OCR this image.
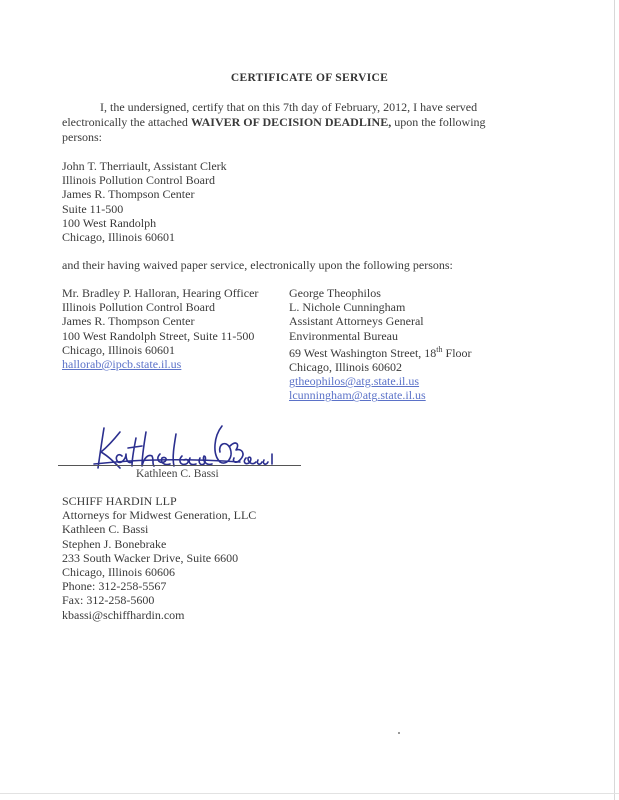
CERTIFICATE OF SERVICE
I, the undersigned, certify that on this 7th day of February, 2012, I have served electronically the attached WAIVER OF DECISION DEADLINE, upon the following persons:
John T. Therriault, Assistant Clerk
Illinois Pollution Control Board
James R. Thompson Center
Suite 11-500
100 West Randolph
Chicago, Illinois 60601
and their having waived paper service, electronically upon the following persons:
Mr. Bradley P. Halloran, Hearing Officer
Illinois Pollution Control Board
James R. Thompson Center
100 West Randolph Street, Suite 11-500
Chicago, Illinois 60601
hallorab@ipcb.state.il.us
George Theophilos
L. Nichole Cunningham
Assistant Attorneys General
Environmental Bureau
69 West Washington Street, 18th Floor
Chicago, Illinois 60602
gtheophilos@atg.state.il.us
lcunningham@atg.state.il.us
Kathleen C. Bassi
SCHIFF HARDIN LLP
Attorneys for Midwest Generation, LLC
Kathleen C. Bassi
Stephen J. Bonebrake
233 South Wacker Drive, Suite 6600
Chicago, Illinois 60606
Phone: 312-258-5567
Fax: 312-258-5600
kbassi@schiffhardin.com
